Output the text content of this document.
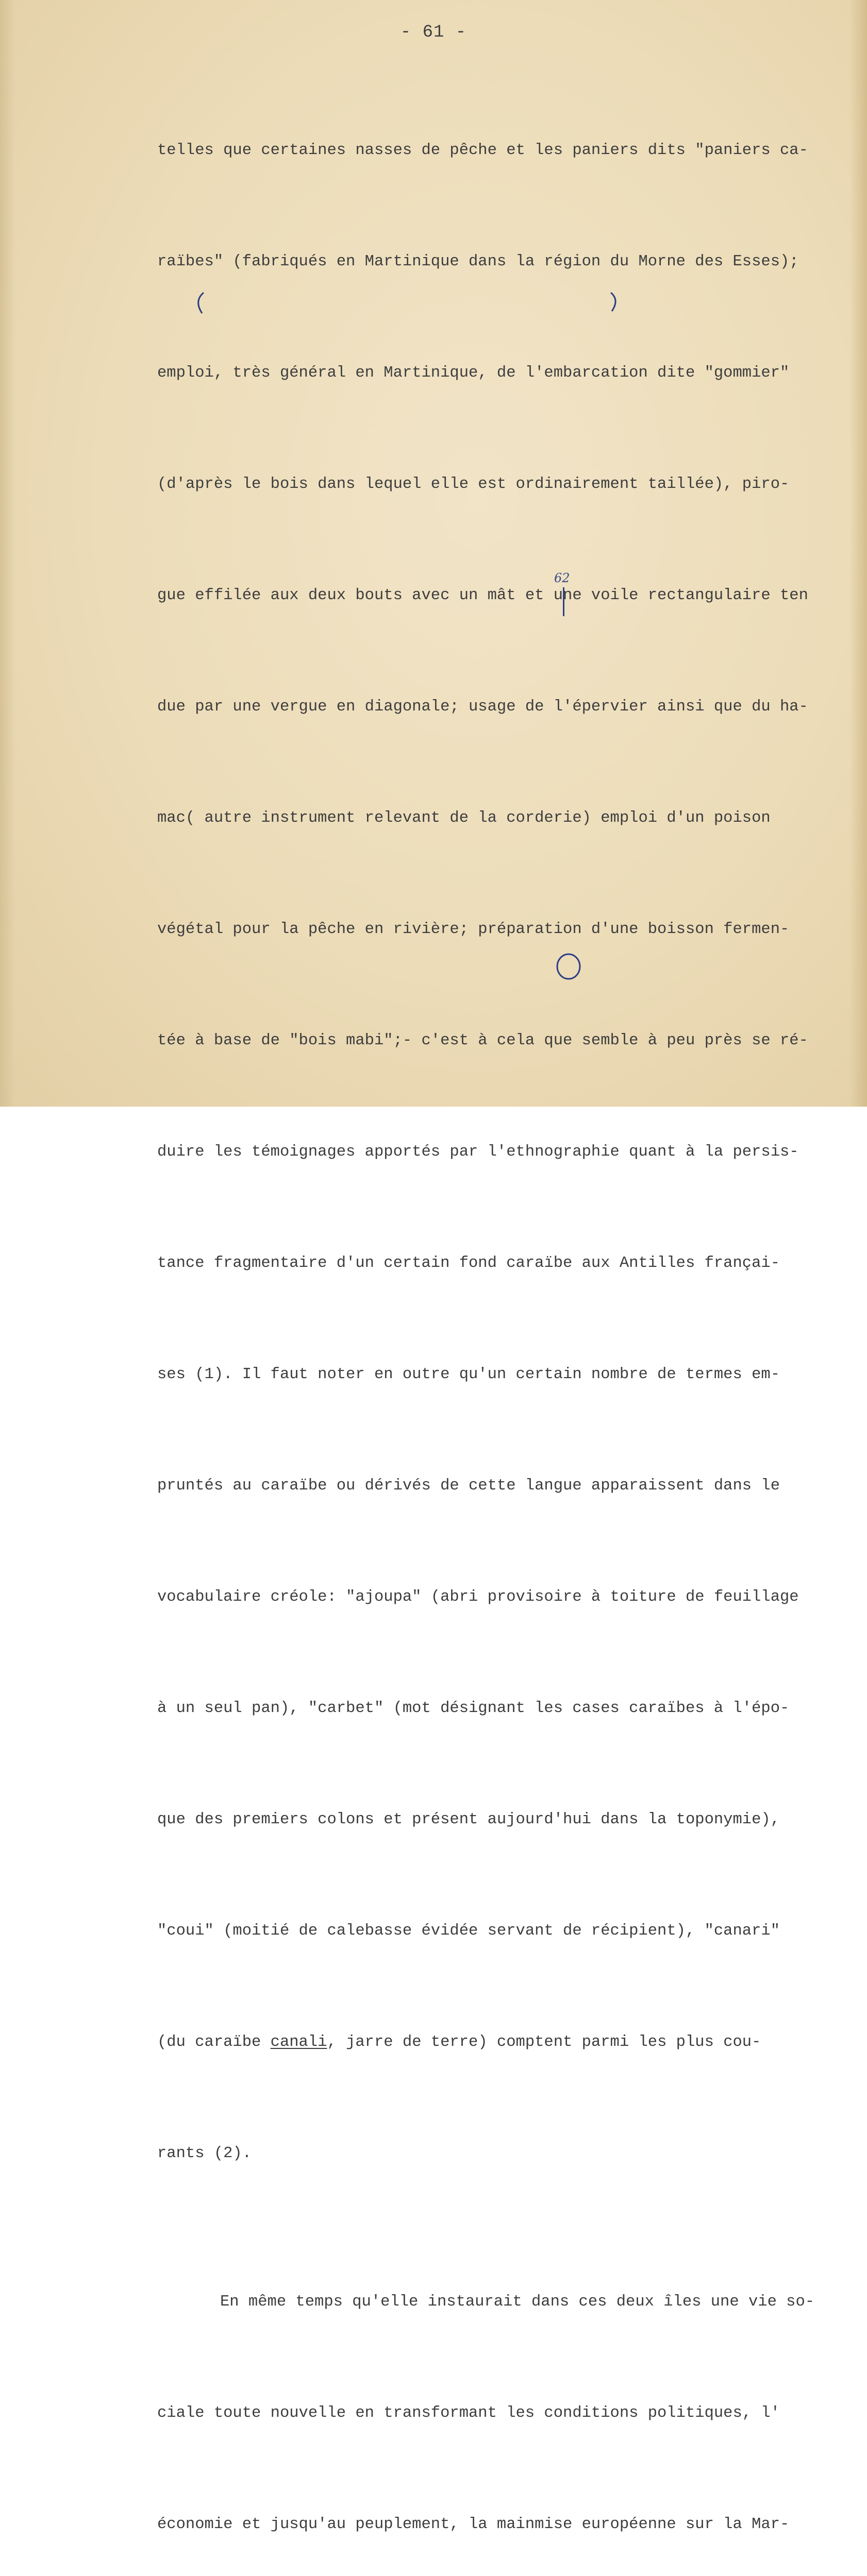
- 61 -

telles que certaines nasses de pêche et les paniers dits "paniers ca-

raïbes" (fabriqués en Martinique dans la région du Morne des Esses);

emploi, très général en Martinique, de l'embarcation dite "gommier"

(d'après le bois dans lequel elle est ordinairement taillée), piro-

gue effilée aux deux bouts avec un mât et une voile rectangulaire ten

due par une vergue en diagonale; usage de l'épervier ainsi que du ha-

mac( autre instrument relevant de la corderie) emploi d'un poison

végétal pour la pêche en rivière; préparation d'une boisson fermen-

tée à base de "bois mabi";- c'est à cela que semble à peu près se ré-

duire les témoignages apportés par l'ethnographie quant à la persis-

tance fragmentaire d'un certain fond caraïbe aux Antilles françai-

ses (1). Il faut noter en outre qu'un certain nombre de termes em-

pruntés au caraïbe ou dérivés de cette langue apparaissent dans le

vocabulaire créole: "ajoupa" (abri provisoire à toiture de feuillage

à un seul pan), "carbet" (mot désignant les cases caraïbes à l'épo-

que des premiers colons et présent aujourd'hui dans la toponymie),

"coui" (moitié de calebasse évidée servant de récipient), "canari"

(du caraïbe canali, jarre de terre) comptent parmi les plus cou-

rants (2).

En même temps qu'elle instaurait dans ces deux îles une vie so-

ciale toute nouvelle en transformant les conditions politiques, l'

économie et jusqu'au peuplement, la mainmise européenne sur la Mar-

62
